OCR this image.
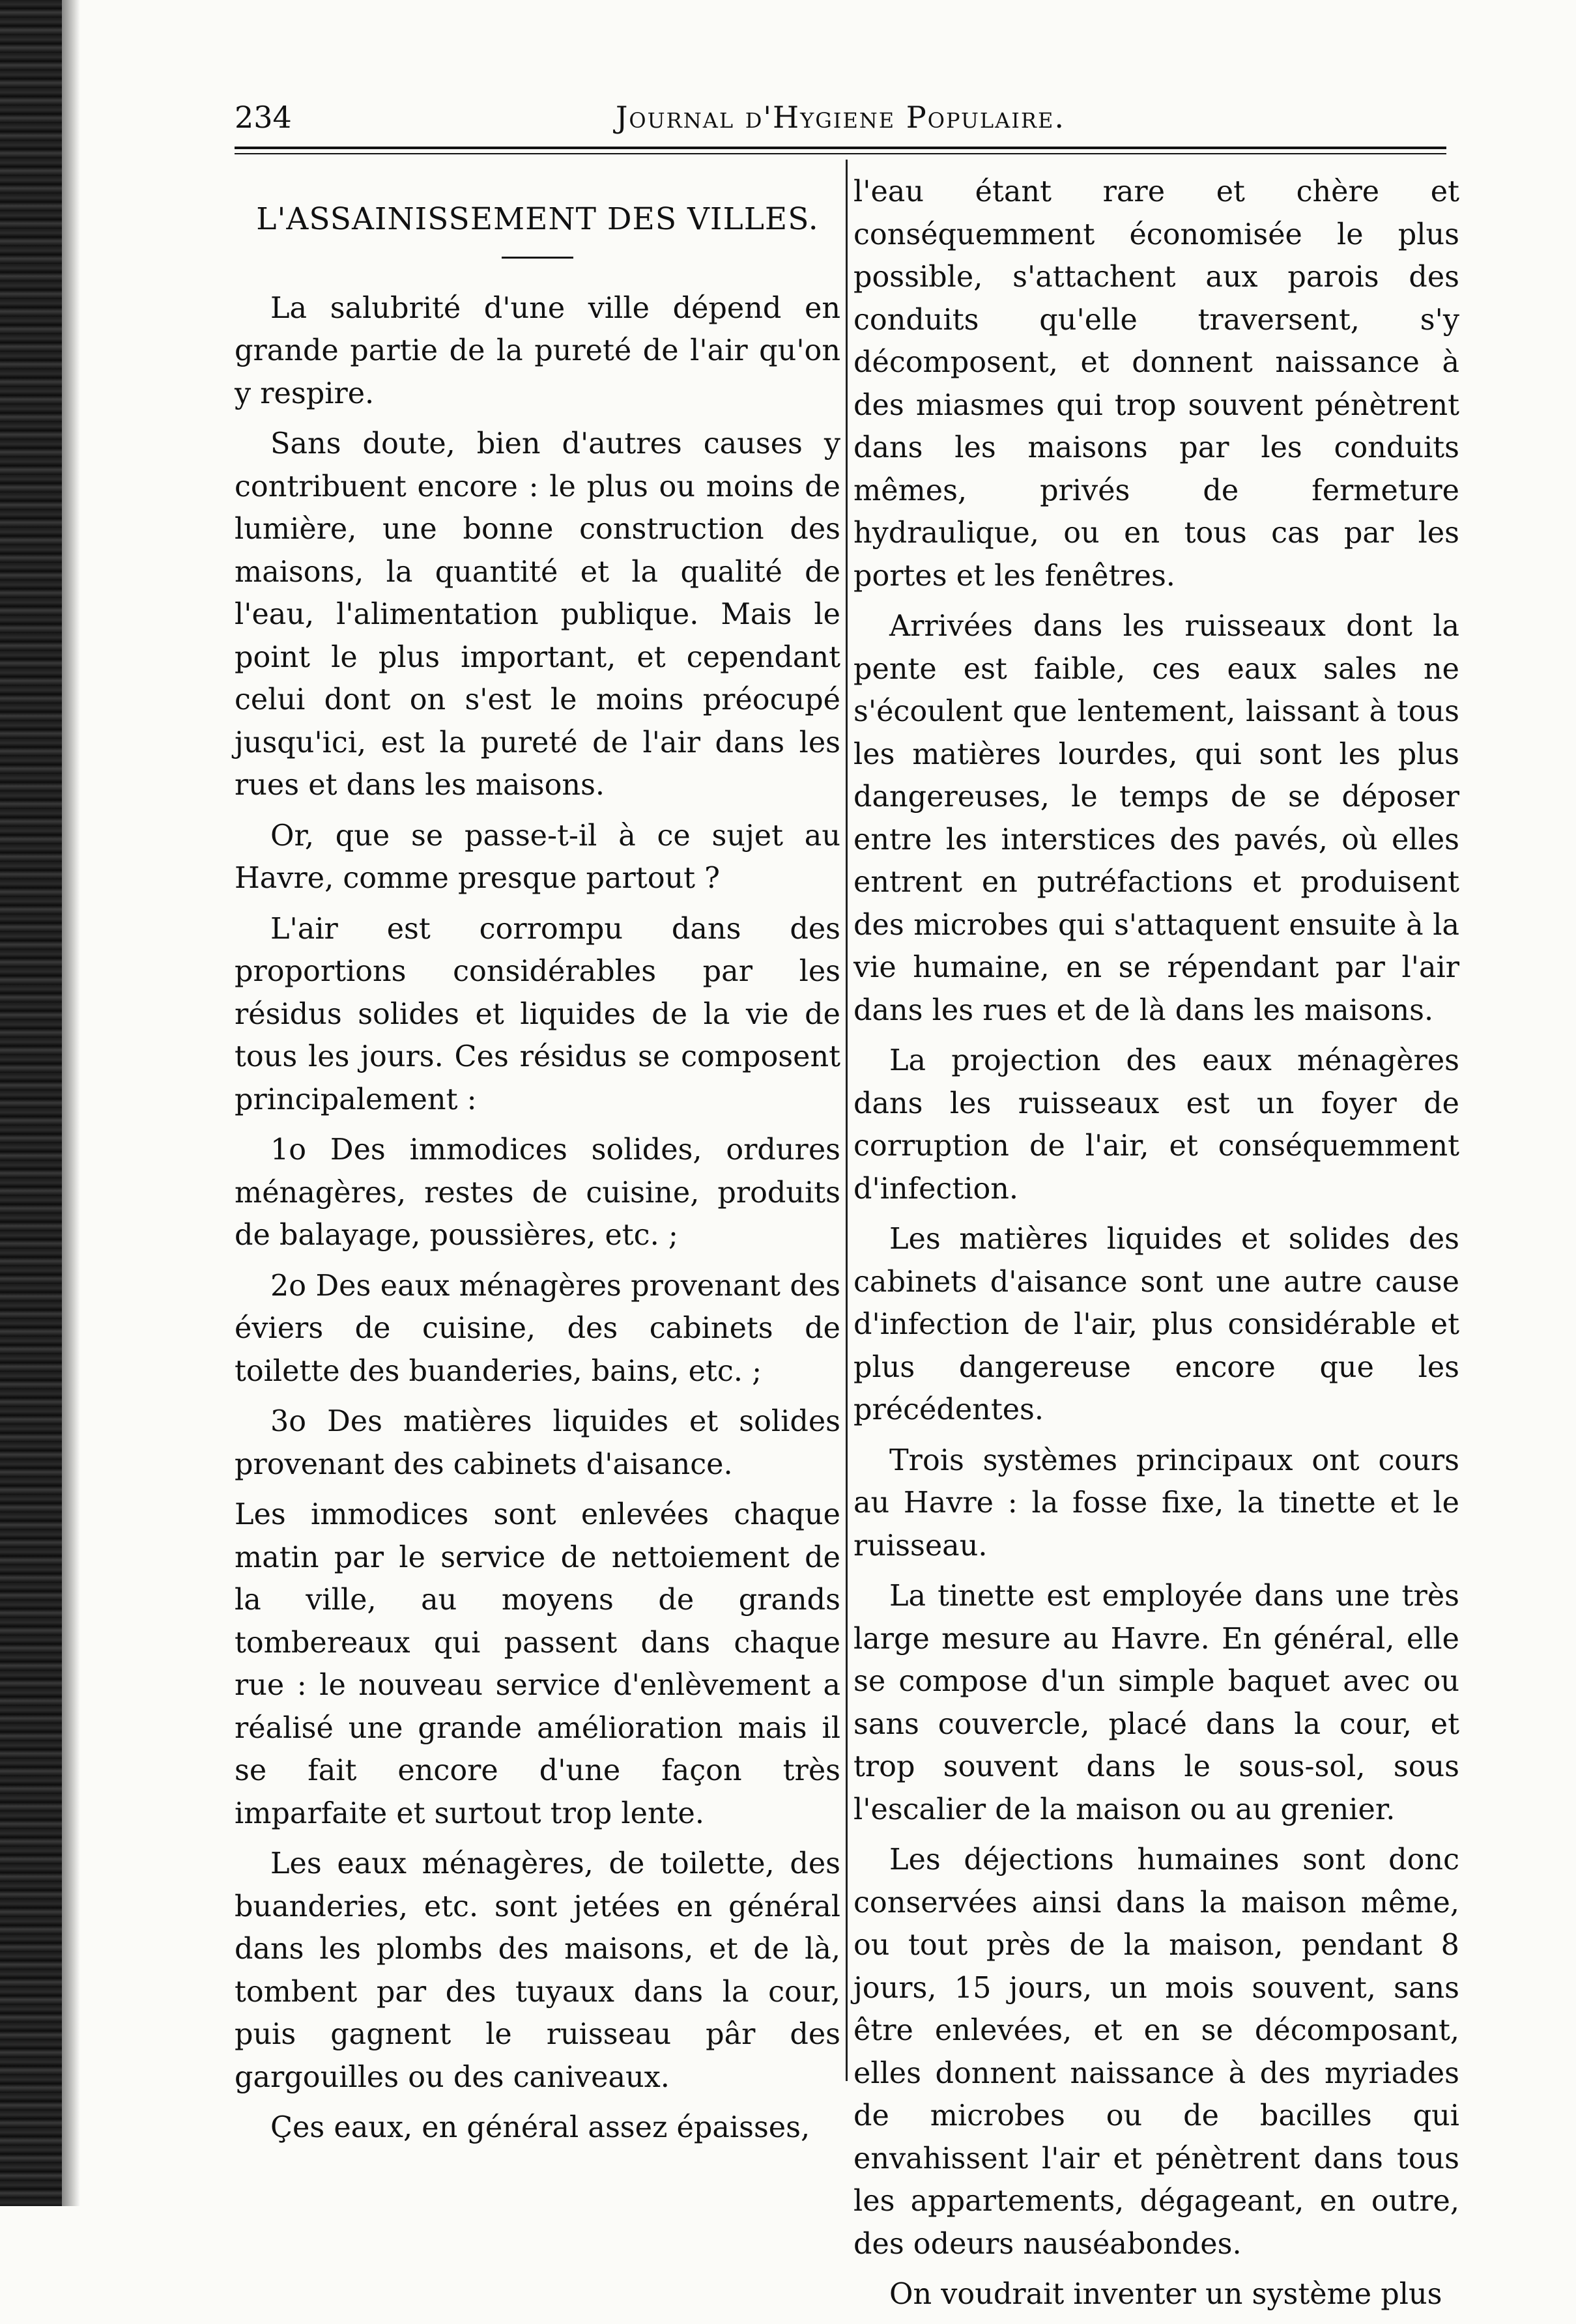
234	Journal d'Hygiene Populaire.
L'ASSAINISSEMENT DES VILLES.

La salubrité d'une ville dépend en grande partie de la pureté de l'air qu'on y respire.

Sans doute, bien d'autres causes y contribuent encore : le plus ou moins de lumière, une bonne construction des maisons, la quantité et la qualité de l'eau, l'alimentation publique. Mais le point le plus important, et cependant celui dont on s'est le moins préocupé jusqu'ici, est la pureté de l'air dans les rues et dans les maisons.

Or, que se passe-t-il à ce sujet au Havre, comme presque partout ?

L'air est corrompu dans des proportions considérables par les résidus solides et liquides de la vie de tous les jours. Ces résidus se composent principalement :

1o Des immodices solides, ordures ménagères, restes de cuisine, produits de balayage, poussières, etc. ;

2o Des eaux ménagères provenant des éviers de cuisine, des cabinets de toilette des buanderies, bains, etc. ;

3o Des matières liquides et solides provenant des cabinets d'aisance.

Les immodices sont enlevées chaque matin par le service de nettoiement de la ville, au moyens de grands tombereaux qui passent dans chaque rue : le nouveau service d'enlèvement a réalisé une grande amélioration mais il se fait encore d'une façon très imparfaite et surtout trop lente.

Les eaux ménagères, de toilette, des buanderies, etc. sont jetées en général dans les plombs des maisons, et de là, tombent par des tuyaux dans la cour, puis gagnent le ruisseau pâr des gargouilles ou des caniveaux.

Çes eaux, en général assez épaisses,

l'eau étant rare et chère et conséquemment économisée le plus possible, s'attachent aux parois des conduits qu'elle traversent, s'y décomposent, et donnent naissance à des miasmes qui trop souvent pénètrent dans les maisons par les conduits mêmes, privés de fermeture hydraulique, ou en tous cas par les portes et les fenêtres.

Arrivées dans les ruisseaux dont la pente est faible, ces eaux sales ne s'écoulent que lentement, laissant à tous les matières lourdes, qui sont les plus dangereuses, le temps de se déposer entre les interstices des pavés, où elles entrent en putréfactions et produisent des microbes qui s'attaquent ensuite à la vie humaine, en se répendant par l'air dans les rues et de là dans les maisons.

La projection des eaux ménagères dans les ruisseaux est un foyer de corruption de l'air, et conséquemment d'infection.

Les matières liquides et solides des cabinets d'aisance sont une autre cause d'infection de l'air, plus considérable et plus dangereuse encore que les précédentes.

Trois systèmes principaux ont cours au Havre : la fosse fixe, la tinette et le ruisseau.

La tinette est employée dans une très large mesure au Havre. En général, elle se compose d'un simple baquet avec ou sans couvercle, placé dans la cour, et trop souvent dans le sous-sol, sous l'escalier de la maison ou au grenier.

Les déjections humaines sont donc conservées ainsi dans la maison même, ou tout près de la maison, pendant 8 jours, 15 jours, un mois souvent, sans être enlevées, et en se décomposant, elles donnent naissance à des myriades de microbes ou de bacilles qui envahissent l'air et pénètrent dans tous les appartements, dégageant, en outre, des odeurs nauséabondes.

On voudrait inventer un système plus
